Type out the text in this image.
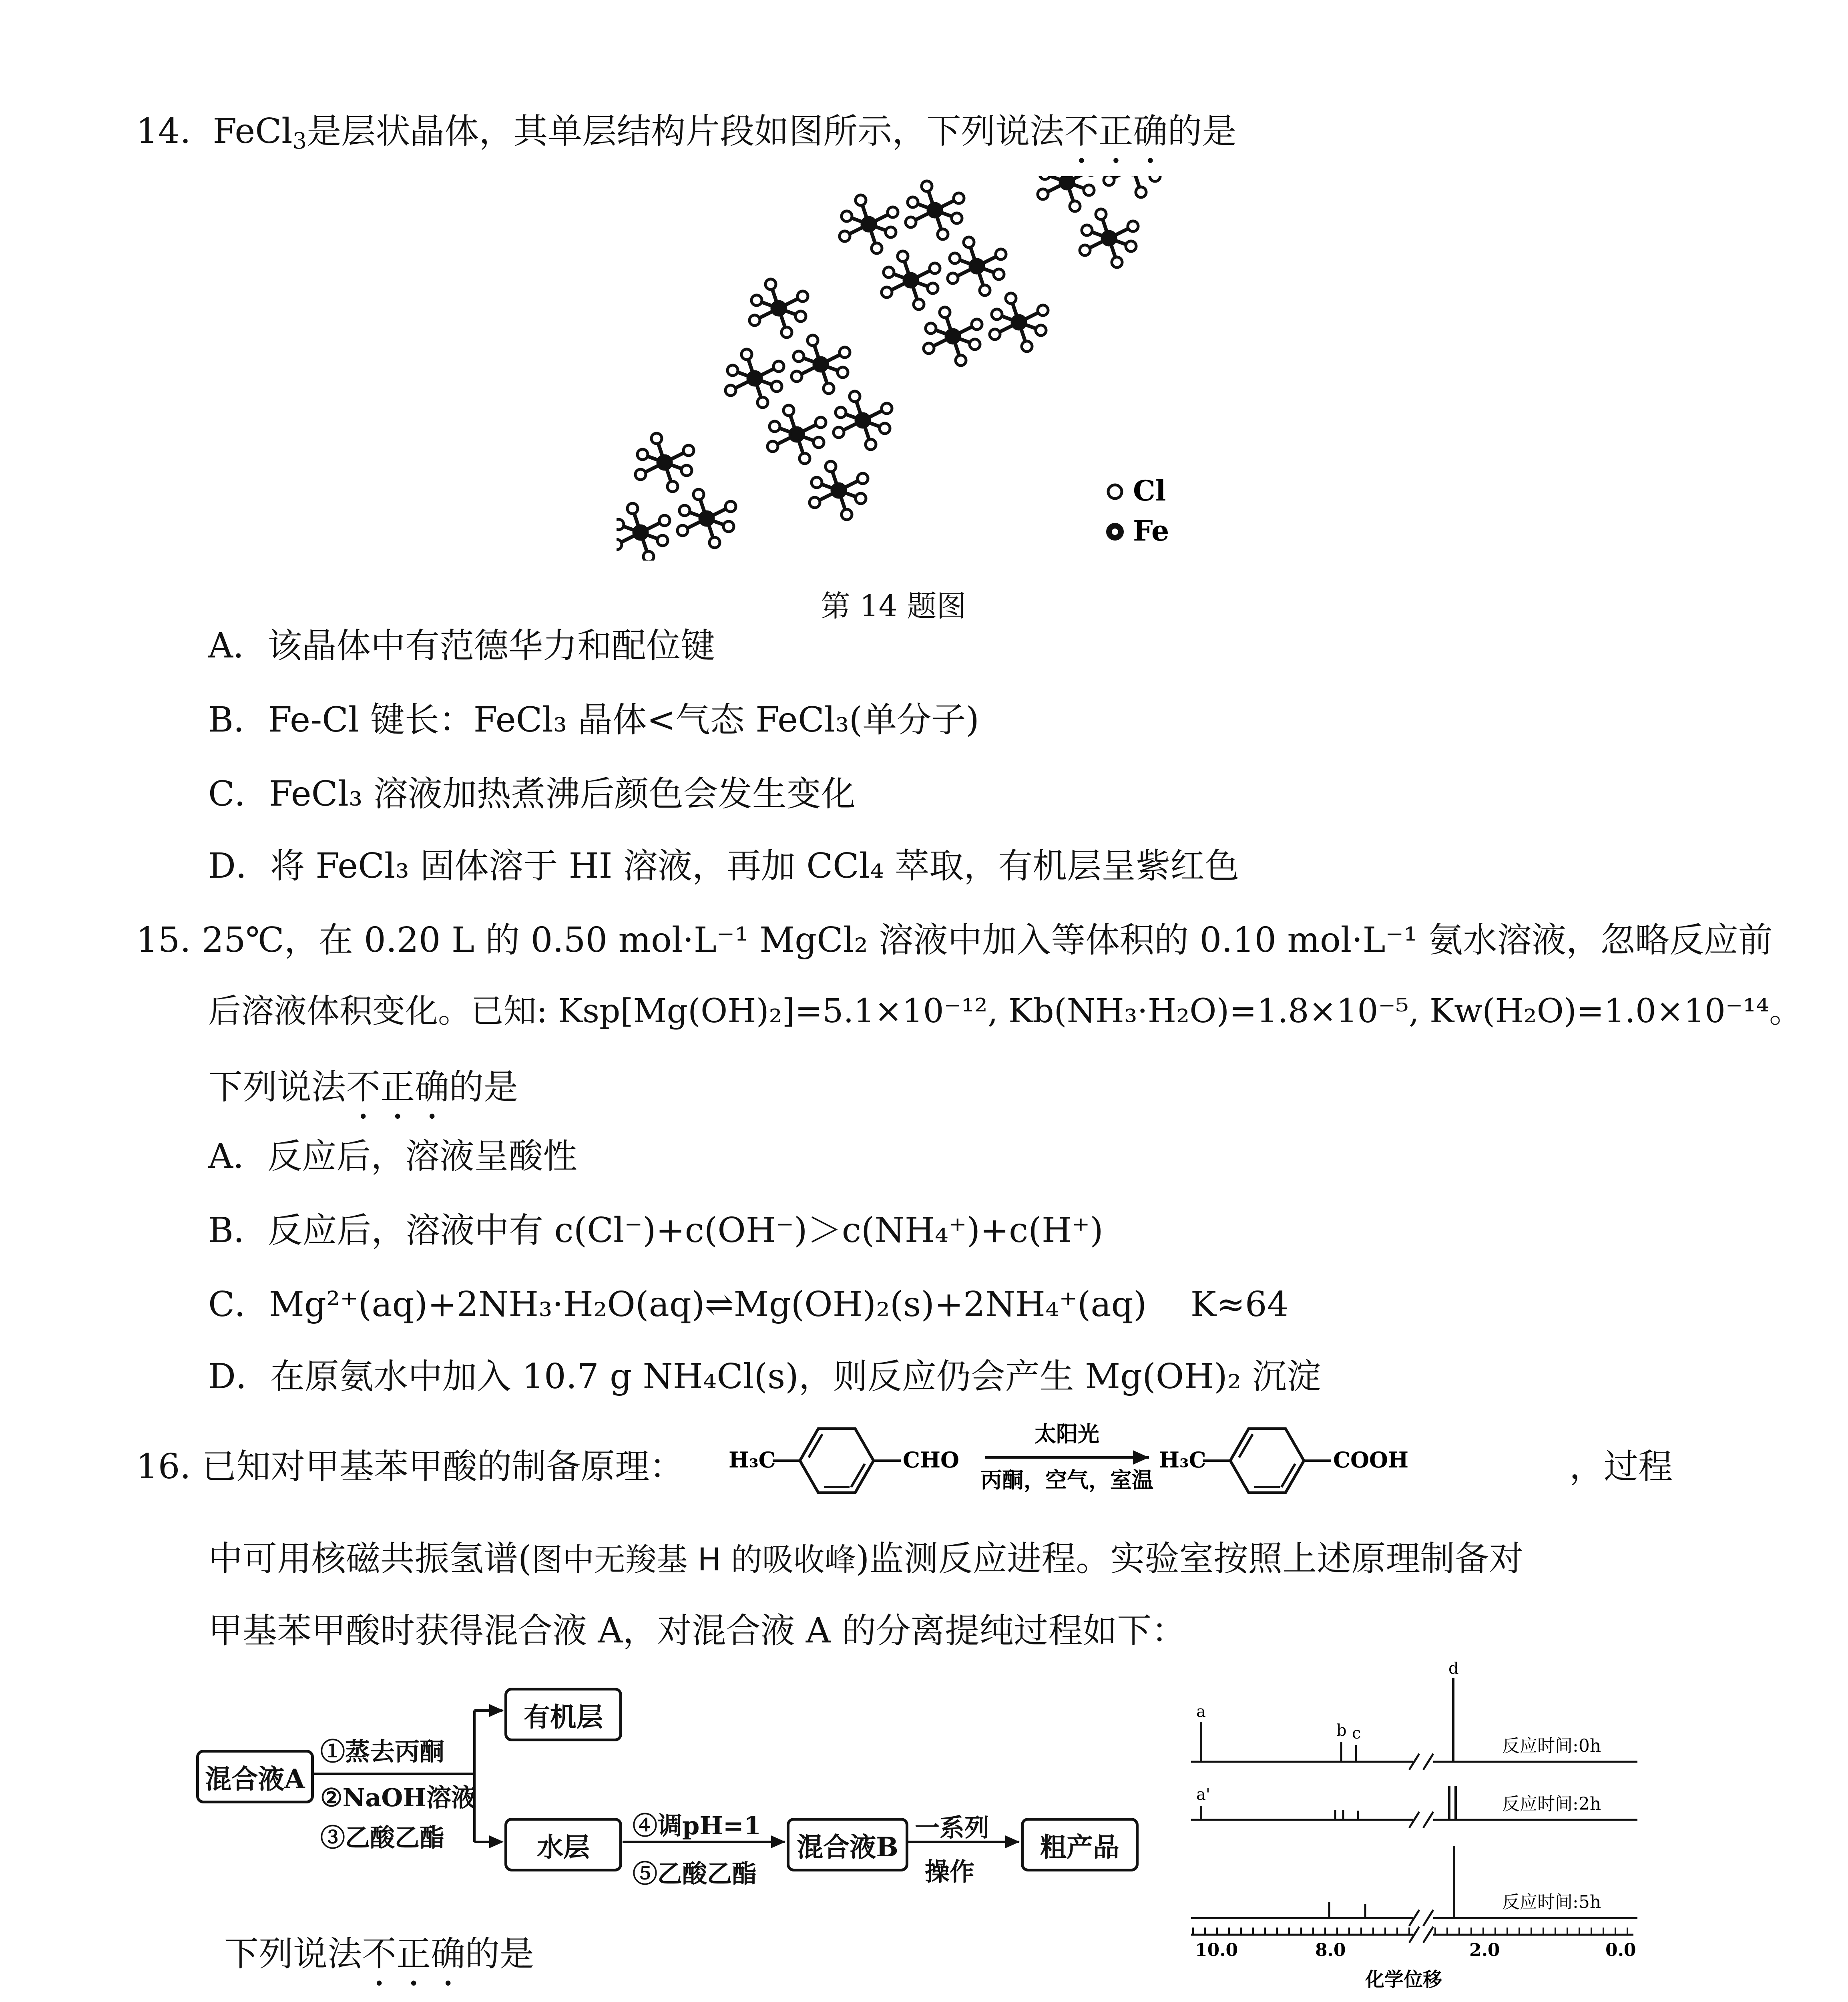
14. FeCl$_3$是层状晶体，其单层结构片段如图所示，下列说法不正确的是
Cl
Fe
第 14 题图
A．该晶体中有范德华力和配位键
B．Fe-Cl 键长：FeCl₃ 晶体<气态 FeCl₃(单分子)
C．FeCl₃ 溶液加热煮沸后颜色会发生变化
D．将 FeCl₃ 固体溶于 HI 溶液，再加 CCl₄ 萃取，有机层呈紫红色
15. 25℃，在 0.20 L 的 0.50 mol·L⁻¹ MgCl₂ 溶液中加入等体积的 0.10 mol·L⁻¹ 氨水溶液，忽略反应前
后溶液体积变化。已知: Ksp[Mg(OH)₂]=5.1×10⁻¹², Kb(NH₃·H₂O)=1.8×10⁻⁵, Kw(H₂O)=1.0×10⁻¹⁴。
下列说法不正确的是
A．反应后，溶液呈酸性
B．反应后，溶液中有 c(Cl⁻)+c(OH⁻)＞c(NH₄⁺)+c(H⁺)
C．Mg²⁺(aq)+2NH₃·H₂O(aq)⇌Mg(OH)₂(s)+2NH₄⁺(aq)    K≈64
D．在原氨水中加入 10.7 g NH₄Cl(s)，则反应仍会产生 Mg(OH)₂ 沉淀
16. 已知对甲基苯甲酸的制备原理： H₃C	CHO
太阳光
丙酮，空气，室温
H₃C	COOH	，过程
中可用核磁共振氢谱(图中无羧基 H 的吸收峰)监测反应进程。实验室按照上述原理制备对
甲基苯甲酸时获得混合液 A，对混合液 A 的分离提纯过程如下：
混合液A
有机层
水层	混合液B	粗产品
①蒸去丙酮
②NaOH溶液
③乙酸乙酯	④调pH=1
⑤乙酸乙酯
一系列
操作
a
b c
d
反应时间:0h
a'	反应时间:2h
反应时间:5h
10.0	8.0	2.0	0.0
化学位移
下列说法不正确的是
